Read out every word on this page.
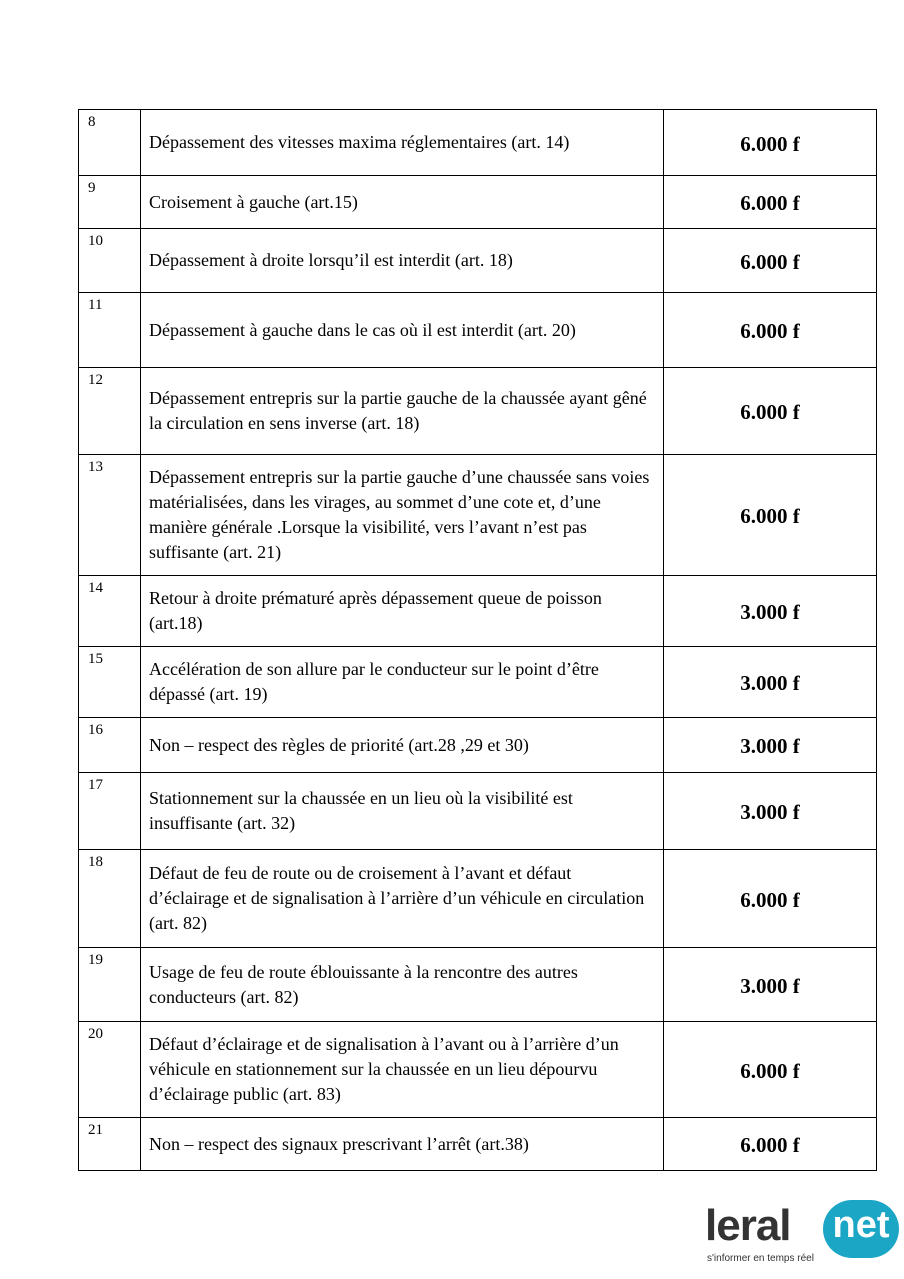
8	Dépassement des vitesses maxima réglementaires (art. 14)	6.000 f
9	Croisement à gauche (art.15)	6.000 f
10	Dépassement à droite lorsqu’il est interdit (art. 18)	6.000 f
11	Dépassement à gauche dans le cas où il est interdit (art. 20)	6.000 f
12	Dépassement entrepris sur la partie gauche de la chaussée ayant gêné la circulation en sens inverse (art. 18)	6.000 f
13	Dépassement entrepris sur la partie gauche d’une chaussée sans voies matérialisées, dans les virages, au sommet d’une cote et, d’une manière générale .Lorsque la visibilité, vers l’avant n’est pas suffisante (art. 21)	6.000 f
14	Retour à droite prématuré après dépassement queue de poisson (art.18)	3.000 f
15	Accélération de son allure par le conducteur sur le point d’être dépassé (art. 19)	3.000 f
16	Non – respect des règles de priorité (art.28 ,29 et 30)	3.000 f
17	Stationnement sur la chaussée en un lieu où la visibilité est insuffisante (art. 32)	3.000 f
18	Défaut de feu de route ou de croisement à l’avant et défaut d’éclairage et de signalisation à l’arrière d’un véhicule en circulation (art. 82)	6.000 f
19	Usage de feu de route éblouissante à la rencontre des autres conducteurs (art. 82)	3.000 f
20	Défaut d’éclairage et de signalisation à l’avant ou à l’arrière d’un véhicule en stationnement sur la chaussée en un lieu dépourvu d’éclairage public (art. 83)	6.000 f
21	Non – respect des signaux prescrivant l’arrêt (art.38)	6.000 f
leral net
s'informer en temps réel
